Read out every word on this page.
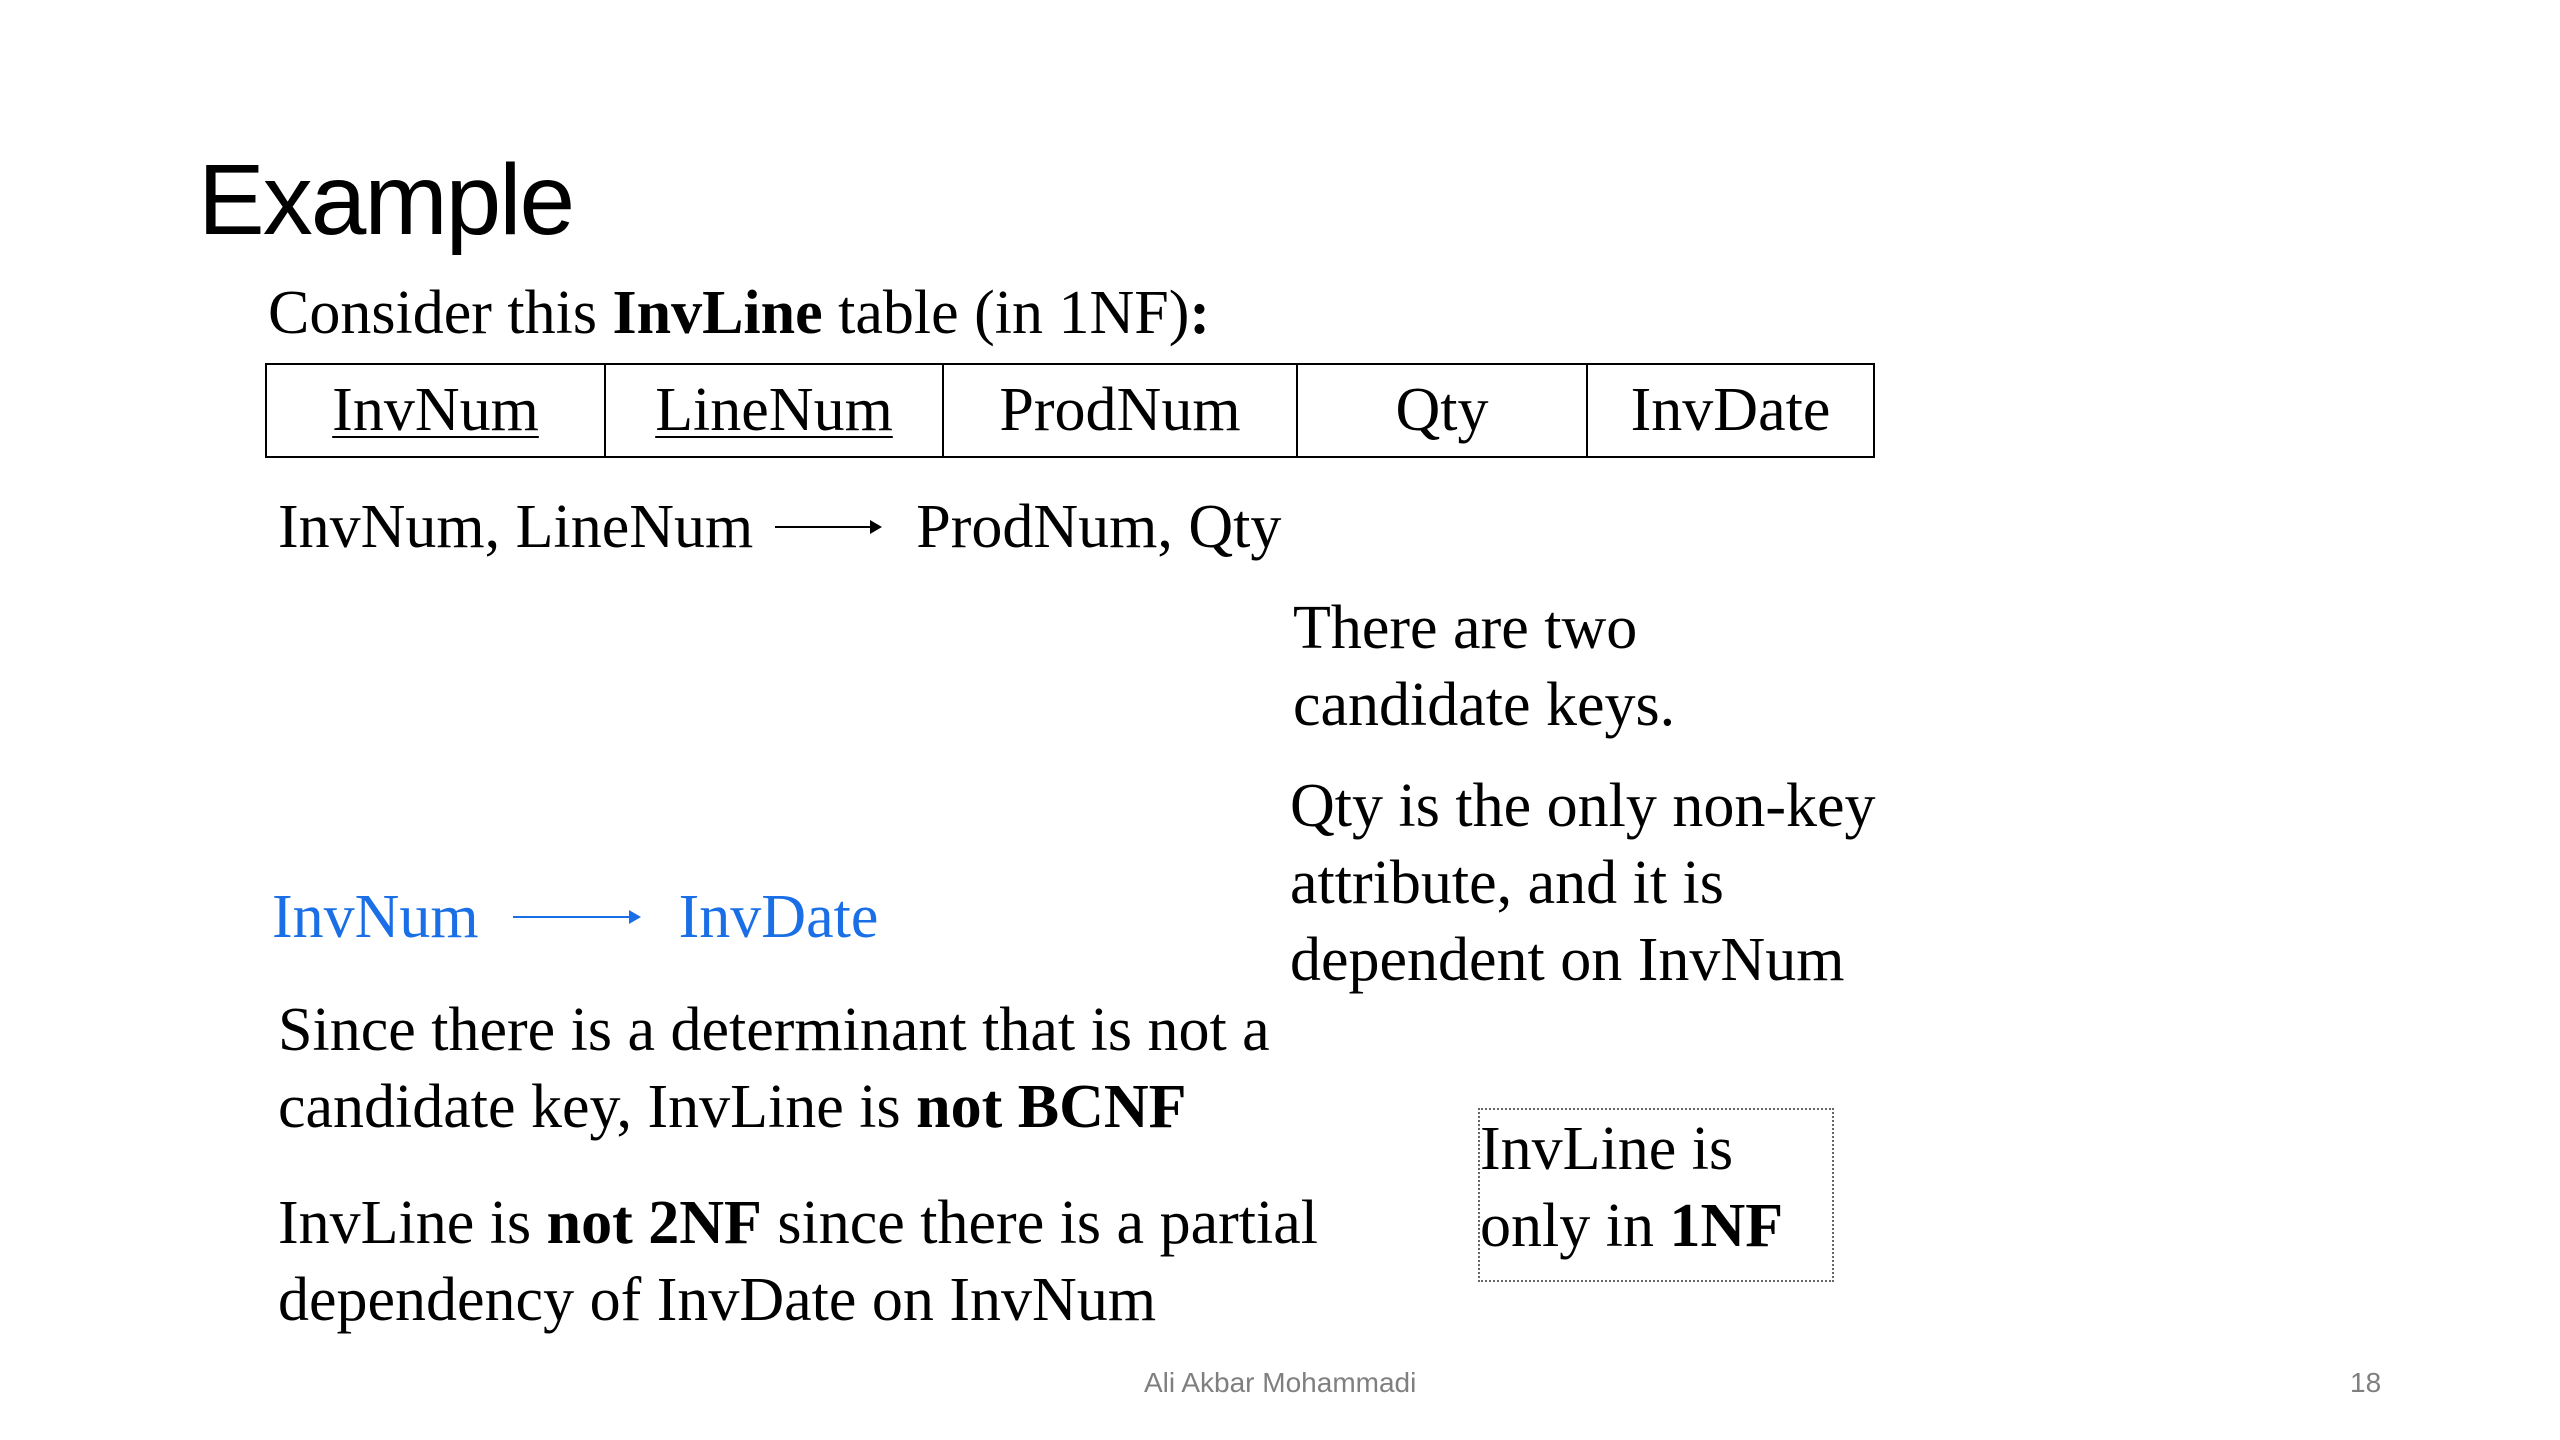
Example
Consider this InvLine table (in 1NF):
InvNum LineNum ProdNum Qty InvDate
InvNum, LineNum	ProdNum, Qty
There are two candidate keys.
Qty is the only non-key attribute, and it is dependent on InvNum
InvNum	InvDate
Since there is a determinant that is not a candidate key, InvLine is not BCNF
InvLine is not 2NF since there is a partial dependency of InvDate on InvNum
InvLine is only in 1NF
Ali Akbar Mohammadi	18
